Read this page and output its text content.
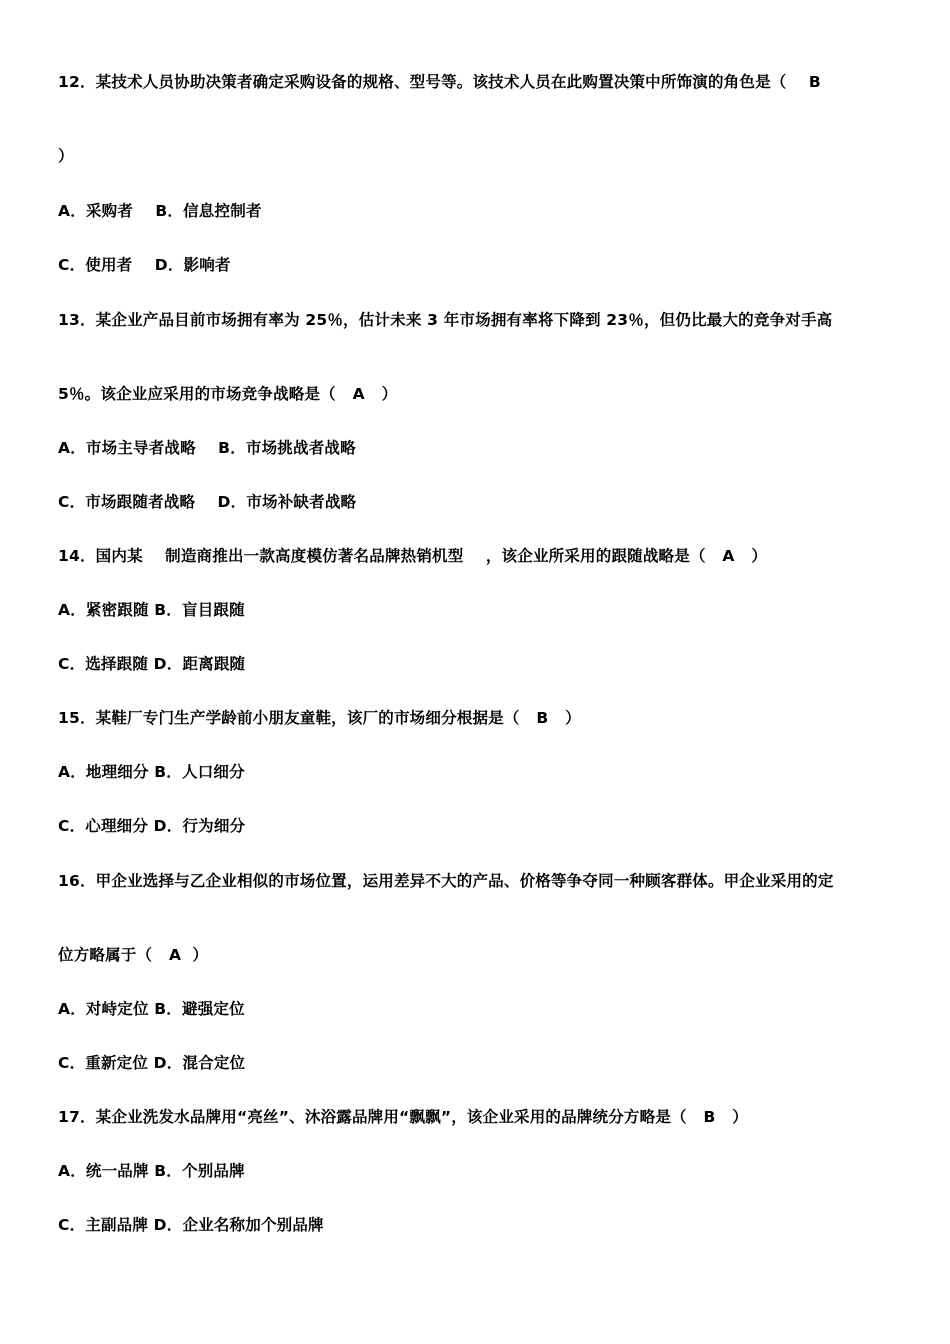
12．某技术人员协助决策者确定采购设备的规格、型号等。该技术人员在此购置决策中所饰演的角色是（    B
）
A．采购者    B．信息控制者
C．使用者    D．影响者
13．某企业产品目前市场拥有率为 25％，估计未来 3 年市场拥有率将下降到 23％，但仍比最大的竞争对手高
5％。该企业应采用的市场竞争战略是（   A   ）
A．市场主导者战略    B．市场挑战者战略
C．市场跟随者战略    D．市场补缺者战略
14．国内某    制造商推出一款高度模仿著名品牌热销机型    ，该企业所采用的跟随战略是（   A   ）
A．紧密跟随 B．盲目跟随
C．选择跟随 D．距离跟随
15．某鞋厂专门生产学龄前小朋友童鞋，该厂的市场细分根据是（   B   ）
A．地理细分 B．人口细分
C．心理细分 D．行为细分
16．甲企业选择与乙企业相似的市场位置，运用差异不大的产品、价格等争夺同一种顾客群体。甲企业采用的定
位方略属于（   A  ）
A．对峙定位 B．避强定位
C．重新定位 D．混合定位
17．某企业洗发水品牌用“亮丝”、沐浴露品牌用“飘飘”，该企业采用的品牌统分方略是（   B   ）
A．统一品牌 B．个别品牌
C．主副品牌 D．企业名称加个别品牌
